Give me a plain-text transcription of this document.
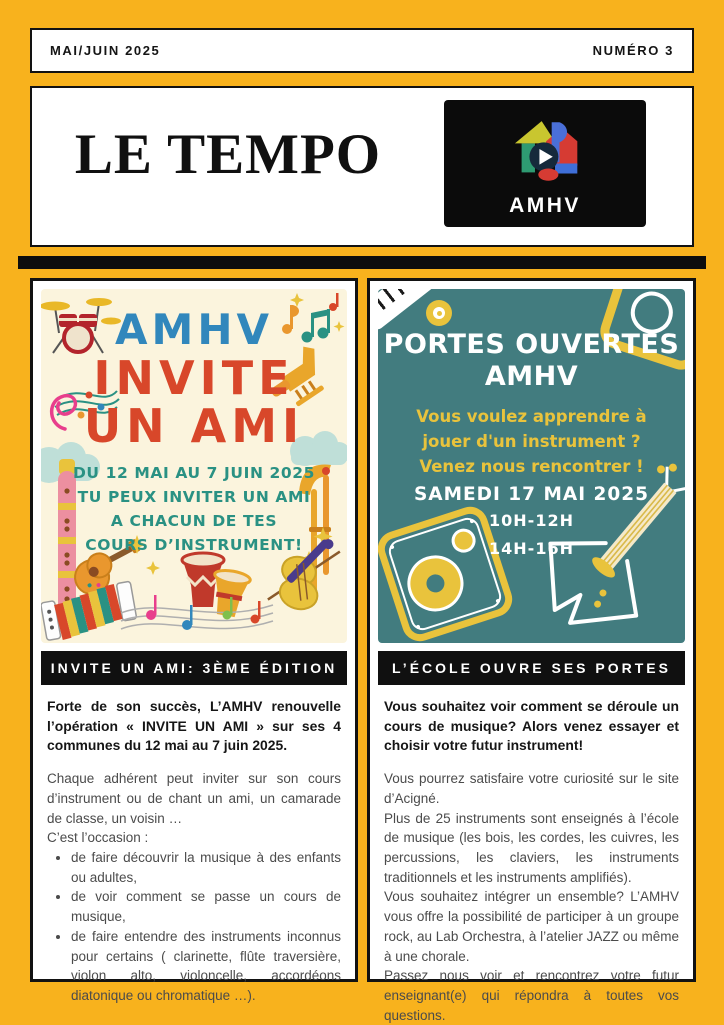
MAI/JUIN 2025	NUMÉRO 3
LE TEMPO
AMHV
AMHV
INVITE
UN AMI
DU 12 MAI AU 7 JUIN 2025
TU PEUX INVITER UN AMI
A CHACUN DE TES
COURS D’INSTRUMENT!
INVITE UN AMI: 3ÈME ÉDITION
Forte de son succès, L’AMHV renouvelle l’opération « INVITE UN AMI » sur ses 4 communes du 12 mai au 7 juin 2025.

Chaque adhérent peut inviter sur son cours d’instrument ou de chant un ami, un camarade de classe, un voisin …

C’est l’occasion :

• de faire découvrir la musique à des enfants ou adultes,
• de voir comment se passe un cours de musique,
• de faire entendre des instruments inconnus pour certains ( clarinette, flûte traversière, violon alto, violoncelle, accordéons diatonique ou chromatique …).
PORTES OUVERTES
AMHV
Vous voulez apprendre à
jouer d'un instrument ?
Venez nous rencontrer !
SAMEDI 17 MAI 2025
10H-12H
14H-16H
L’ÉCOLE OUVRE SES PORTES
Vous souhaitez voir comment se déroule un cours de musique? Alors venez essayer et choisir votre futur instrument!

Vous pourrez satisfaire votre curiosité sur le site d’Acigné.

Plus de 25 instruments sont enseignés à l’école de musique (les bois, les cordes, les cuivres, les percussions, les claviers, les instruments traditionnels et les instruments amplifiés).

Vous souhaitez intégrer un ensemble? L’AMHV vous offre la possibilité de participer à un groupe rock, au Lab Orchestra, à l’atelier JAZZ ou même à une chorale.

Passez nous voir et rencontrez votre futur enseignant(e) qui répondra à toutes vos questions.
